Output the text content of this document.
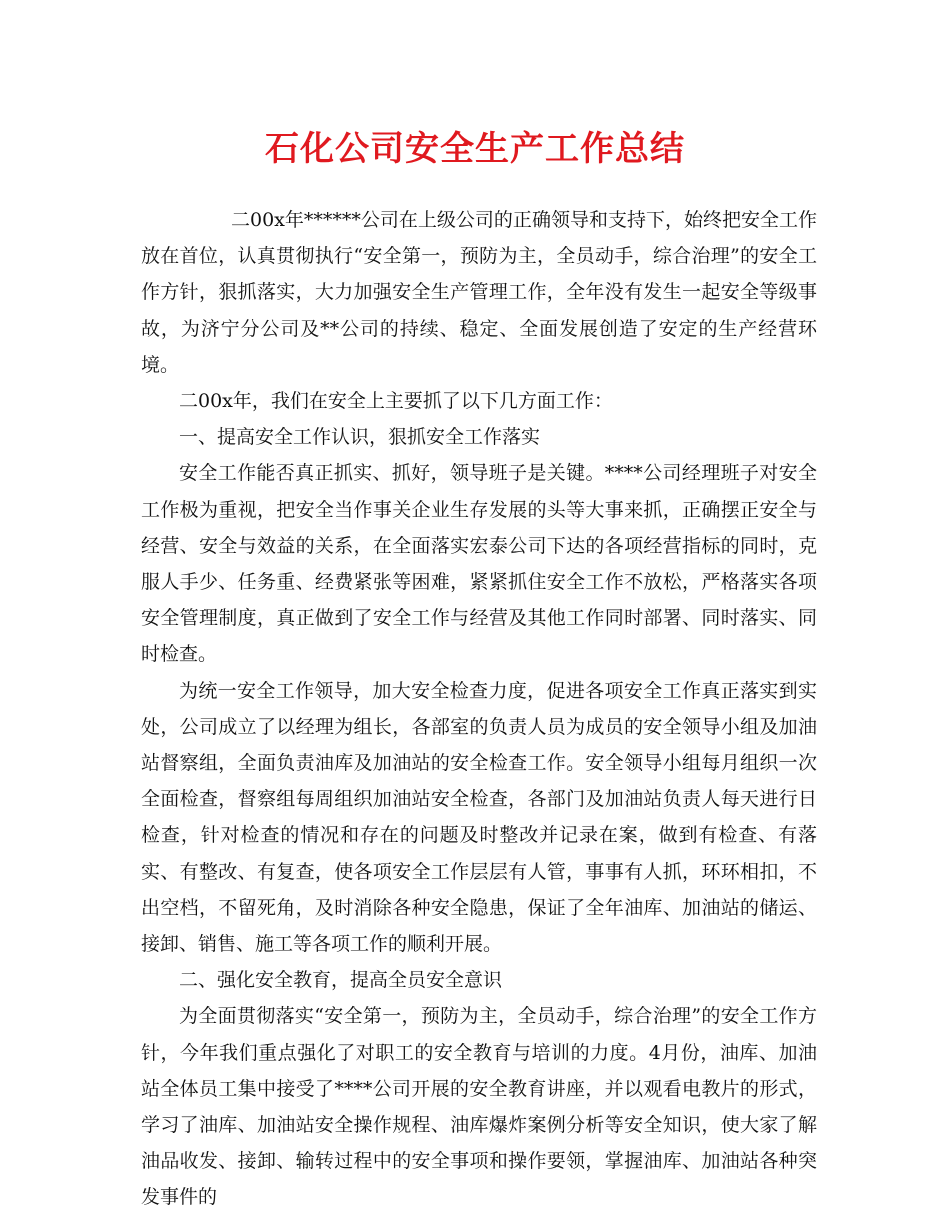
石化公司安全生产工作总结

二00x年******公司在上级公司的正确领导和支持下，始终把安全工作放在首位，认真贯彻执行“安全第一，预防为主，全员动手，综合治理”的安全工作方针，狠抓落实，大力加强安全生产管理工作，全年没有发生一起安全等级事故，为济宁分公司及**公司的持续、稳定、全面发展创造了安定的生产经营环境。

二00x年，我们在安全上主要抓了以下几方面工作：

一、提高安全工作认识，狠抓安全工作落实

安全工作能否真正抓实、抓好，领导班子是关键。****公司经理班子对安全工作极为重视，把安全当作事关企业生存发展的头等大事来抓，正确摆正安全与经营、安全与效益的关系，在全面落实宏泰公司下达的各项经营指标的同时，克服人手少、任务重、经费紧张等困难，紧紧抓住安全工作不放松，严格落实各项安全管理制度，真正做到了安全工作与经营及其他工作同时部署、同时落实、同时检查。

为统一安全工作领导，加大安全检查力度，促进各项安全工作真正落实到实处，公司成立了以经理为组长，各部室的负责人员为成员的安全领导小组及加油站督察组，全面负责油库及加油站的安全检查工作。安全领导小组每月组织一次全面检查，督察组每周组织加油站安全检查，各部门及加油站负责人每天进行日检查，针对检查的情况和存在的问题及时整改并记录在案，做到有检查、有落实、有整改、有复查，使各项安全工作层层有人管，事事有人抓，环环相扣，不出空档，不留死角，及时消除各种安全隐患，保证了全年油库、加油站的储运、接卸、销售、施工等各项工作的顺利开展。

二、强化安全教育，提高全员安全意识

为全面贯彻落实“安全第一，预防为主，全员动手，综合治理”的安全工作方针，今年我们重点强化了对职工的安全教育与培训的力度。4月份，油库、加油站全体员工集中接受了****公司开展的安全教育讲座，并以观看电教片的形式，学习了油库、加油站安全操作规程、油库爆炸案例分析等安全知识，使大家了解油品收发、接卸、输转过程中的安全事项和操作要领，掌握油库、加油站各种突发事件的
